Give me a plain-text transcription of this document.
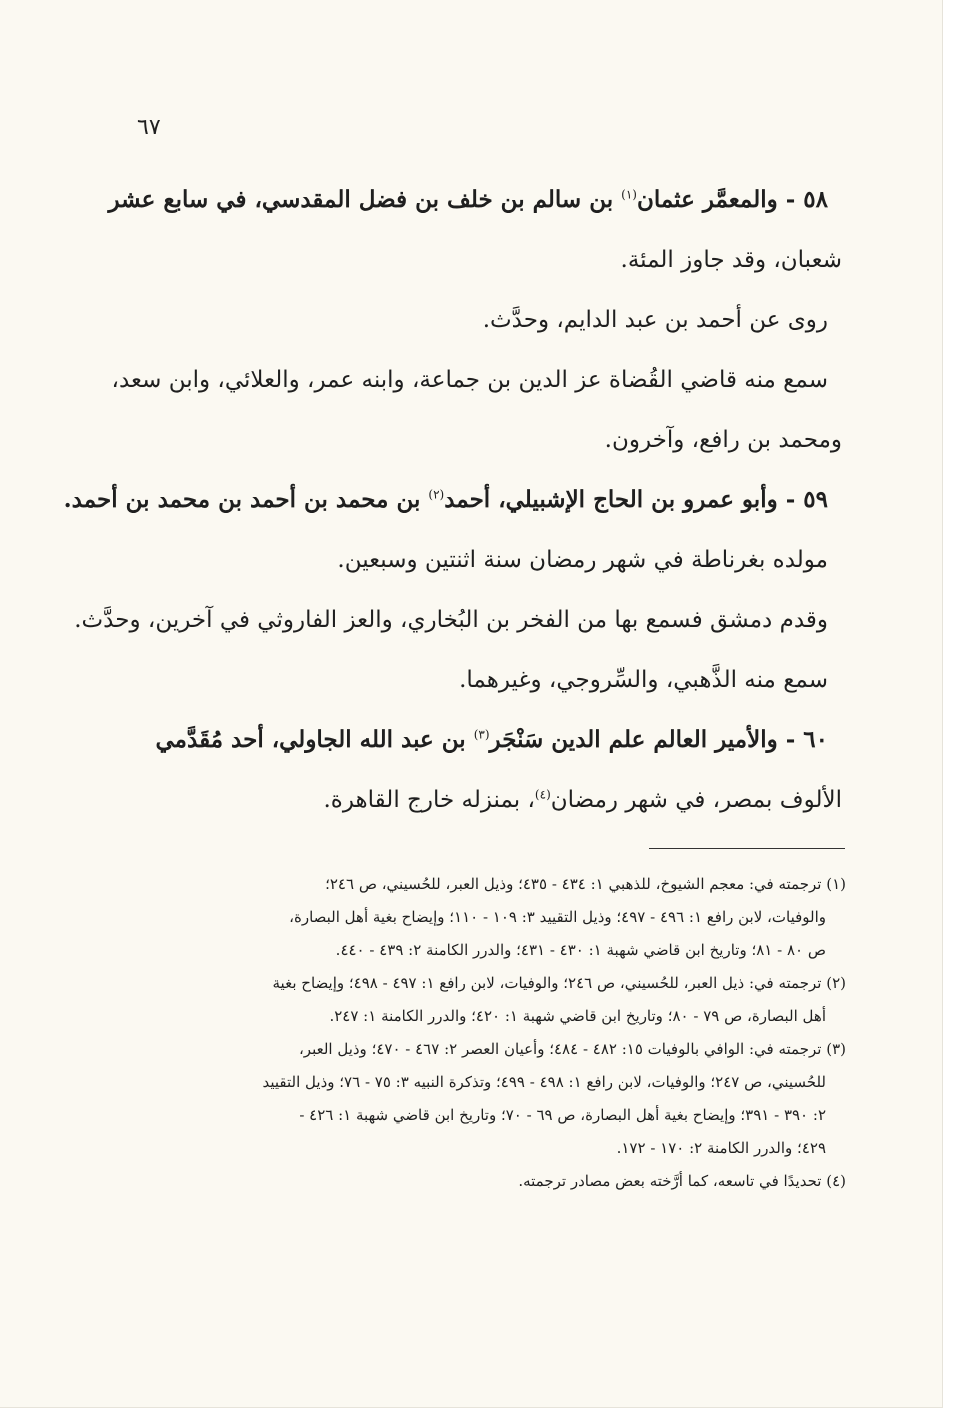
٦٧
٥٨ - والمعمَّر عثمان$^{(١)}$ بن سالم بن خلف بن فضل المقدسي، في سابع عشر
شعبان، وقد جاوز المئة.
روى عن أحمد بن عبد الدايم، وحدَّث.
سمع منه قاضي القُضاة عز الدين بن جماعة، وابنه عمر، والعلائي، وابن سعد،
ومحمد بن رافع، وآخرون.
٥٩ - وأبو عمرو بن الحاج الإشبيلي، أحمد$^{(٢)}$ بن محمد بن أحمد بن محمد بن أحمد.
مولده بغرناطة في شهر رمضان سنة اثنتين وسبعين.
وقدم دمشق فسمع بها من الفخر بن البُخاري، والعز الفاروثي في آخرين، وحدَّث.
سمع منه الذَّهبي، والسِّروجي، وغيرهما.
٦٠ - والأمير العالم علم الدين سَنْجَر$^{(٣)}$ بن عبد الله الجاولي، أحد مُقَدَّمي
الألوف بمصر، في شهر رمضان$^{(٤)}$، بمنزله خارج القاهرة.
(١) ترجمته في: معجم الشيوخ، للذهبي ١: ٤٣٤ - ٤٣٥؛ وذيل العبر، للحُسيني، ص ٢٤٦؛
والوفيات، لابن رافع ١: ٤٩٦ - ٤٩٧؛ وذيل التقييد ٣: ١٠٩ - ١١٠؛ وإيضاح بغية أهل البصارة،
ص ٨٠ - ٨١؛ وتاريخ ابن قاضي شهبة ١: ٤٣٠ - ٤٣١؛ والدرر الكامنة ٢: ٤٣٩ - ٤٤٠.
(٢) ترجمته في: ذيل العبر، للحُسيني، ص ٢٤٦؛ والوفيات، لابن رافع ١: ٤٩٧ - ٤٩٨؛ وإيضاح بغية
أهل البصارة، ص ٧٩ - ٨٠؛ وتاريخ ابن قاضي شهبة ١: ٤٢٠؛ والدرر الكامنة ١: ٢٤٧.
(٣) ترجمته في: الوافي بالوفيات ١٥: ٤٨٢ - ٤٨٤؛ وأعيان العصر ٢: ٤٦٧ - ٤٧٠؛ وذيل العبر،
للحُسيني، ص ٢٤٧؛ والوفيات، لابن رافع ١: ٤٩٨ - ٤٩٩؛ وتذكرة النبيه ٣: ٧٥ - ٧٦؛ وذيل التقييد
٢: ٣٩٠ - ٣٩١؛ وإيضاح بغية أهل البصارة، ص ٦٩ - ٧٠؛ وتاريخ ابن قاضي شهبة ١: ٤٢٦ -
٤٢٩؛ والدرر الكامنة ٢: ١٧٠ - ١٧٢.
(٤) تحديدًا في تاسعه، كما أرَّخته بعض مصادر ترجمته.
